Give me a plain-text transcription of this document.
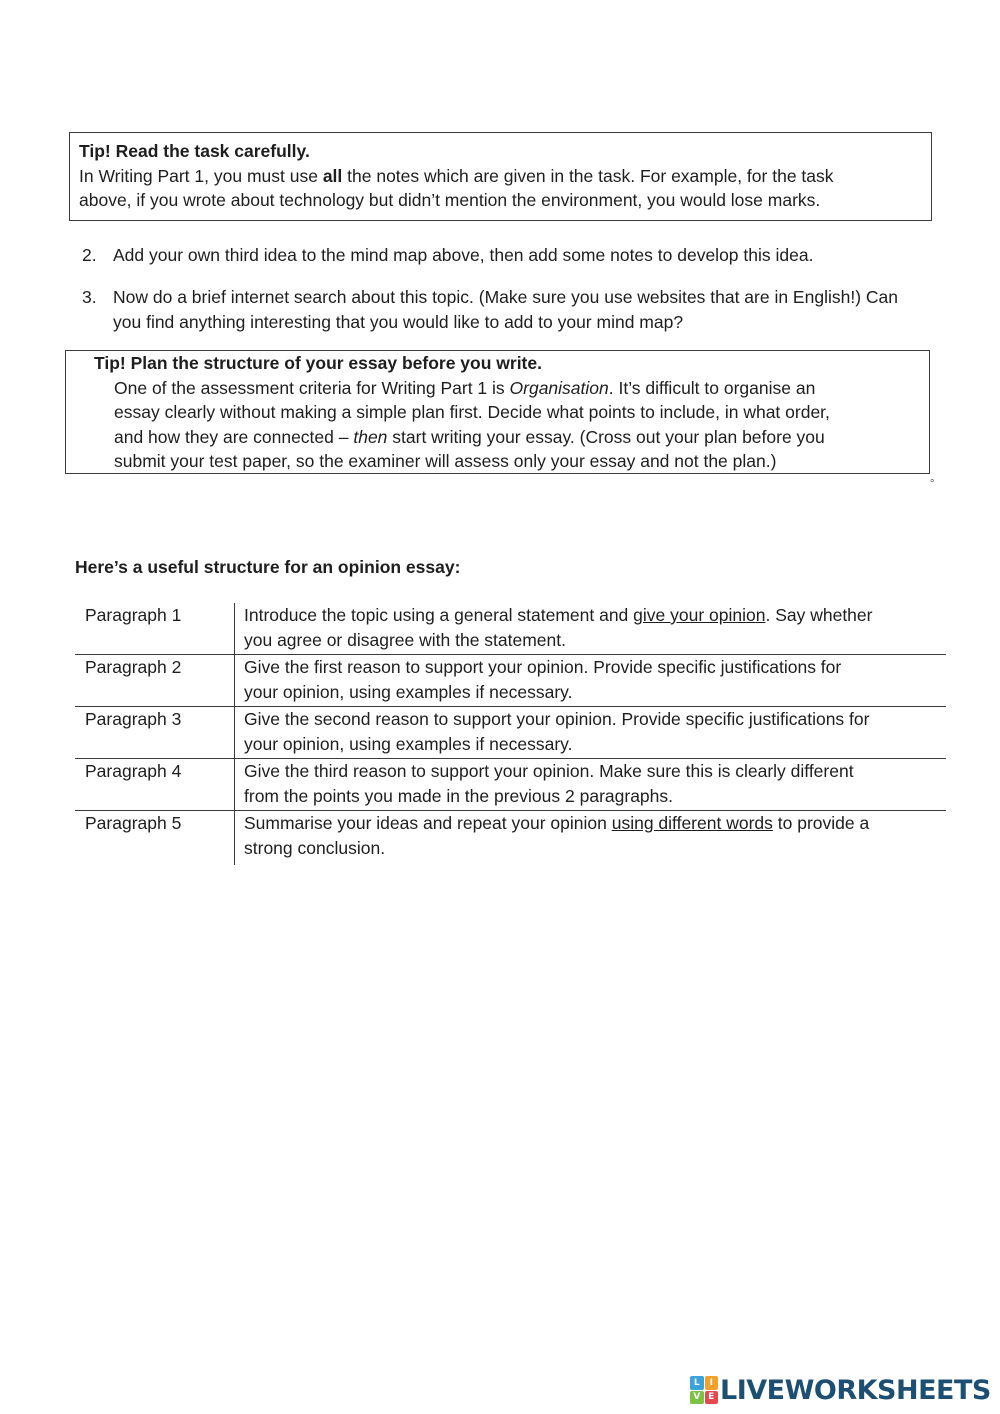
Tip! Read the task carefully.
In Writing Part 1, you must use all the notes which are given in the task. For example, for the task
above, if you wrote about technology but didn’t mention the environment, you would lose marks.
2. Add your own third idea to the mind map above, then add some notes to develop this idea.
3. Now do a brief internet search about this topic. (Make sure you use websites that are in English!) Can
you find anything interesting that you would like to add to your mind map?
Tip! Plan the structure of your essay before you write.
One of the assessment criteria for Writing Part 1 is Organisation. It’s difficult to organise an
essay clearly without making a simple plan first. Decide what points to include, in what order,
and how they are connected – then start writing your essay. (Cross out your plan before you
submit your test paper, so the examiner will assess only your essay and not the plan.)
°
Here’s a useful structure for an opinion essay:
Paragraph 1	Introduce the topic using a general statement and give your opinion. Say whether
you agree or disagree with the statement.

Paragraph 2	Give the first reason to support your opinion. Provide specific justifications for
your opinion, using examples if necessary.

Paragraph 3	Give the second reason to support your opinion. Provide specific justifications for
your opinion, using examples if necessary.

Paragraph 4	Give the third reason to support your opinion. Make sure this is clearly different
from the points you made in the previous 2 paragraphs.

Paragraph 5	Summarise your ideas and repeat your opinion using different words to provide a
strong conclusion.
L	I
V E LIVEWORKSHEETS
